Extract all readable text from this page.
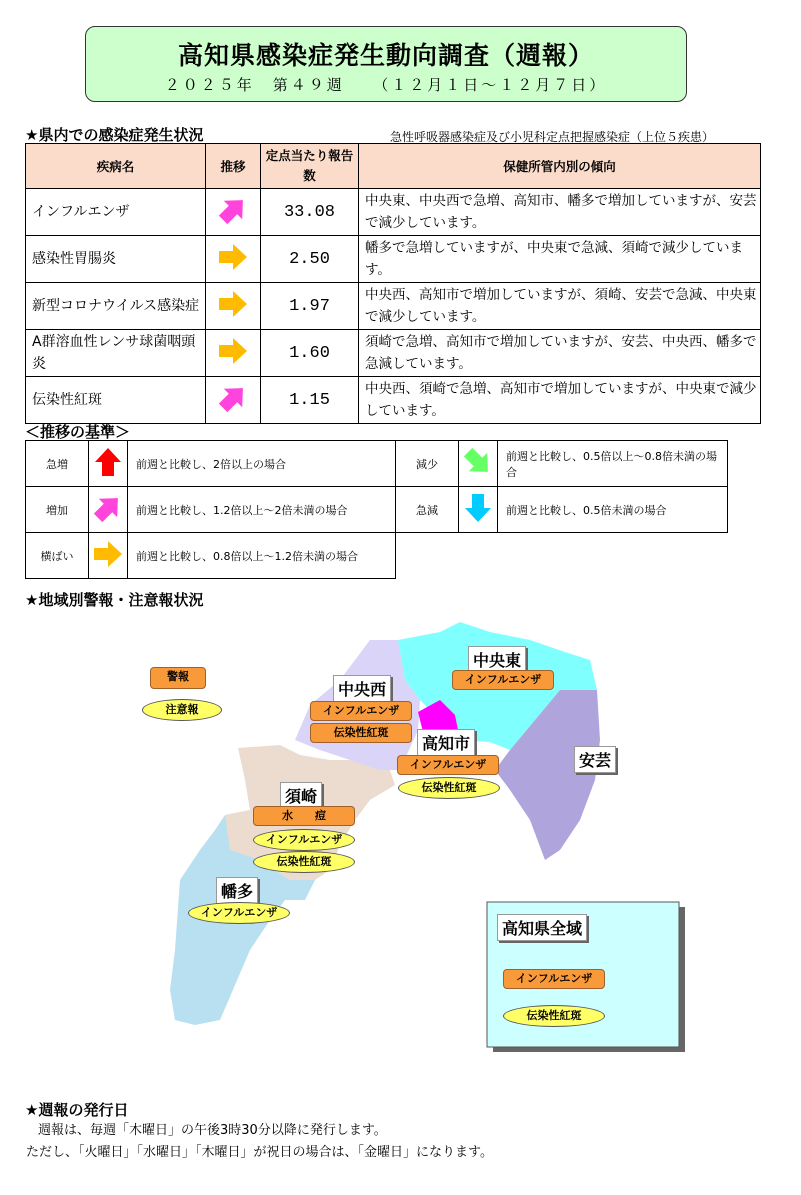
高知県感染症発生動向調査（週報）
２０２５年　第４９週　　（１２月１日～１２月７日）
★県内での感染症発生状況	急性呼吸器感染症及び小児科定点把握感染症（上位５疾患）
疾病名	推移	定点当たり報告数	保健所管内別の傾向
インフルエンザ		33.08	中央東、中央西で急増、高知市、幡多で増加していますが、安芸で減少しています。
感染性胃腸炎		2.50	幡多で急増していますが、中央東で急減、須崎で減少しています。
新型コロナウイルス感染症		1.97	中央西、高知市で増加していますが、須崎、安芸で急減、中央東で減少しています。
A群溶血性レンサ球菌咽頭炎		1.60	須崎で急増、高知市で増加していますが、安芸、中央西、幡多で急減しています。
伝染性紅斑		1.15	中央西、須崎で急増、高知市で増加していますが、中央東で減少しています。
＜推移の基準＞
急増		前週と比較し、2倍以上の場合	減少		前週と比較し、0.5倍以上～0.8倍未満の場合
増加		前週と比較し、1.2倍以上～2倍未満の場合	急減		前週と比較し、0.5倍未満の場合
横ばい		前週と比較し、0.8倍以上～1.2倍未満の場合			
★地域別警報・注意報状況
警報
注意報
中央東
インフルエンザ
中央西
インフルエンザ
伝染性紅斑
高知市
インフルエンザ
伝染性紅斑
安芸
須崎
水　　痘
インフルエンザ
伝染性紅斑
幡多
インフルエンザ
高知県全域
インフルエンザ
伝染性紅斑
★週報の発行日
週報は、毎週「木曜日」の午後3時30分以降に発行します。
ただし、「火曜日」「水曜日」「木曜日」が祝日の場合は、「金曜日」になります。
